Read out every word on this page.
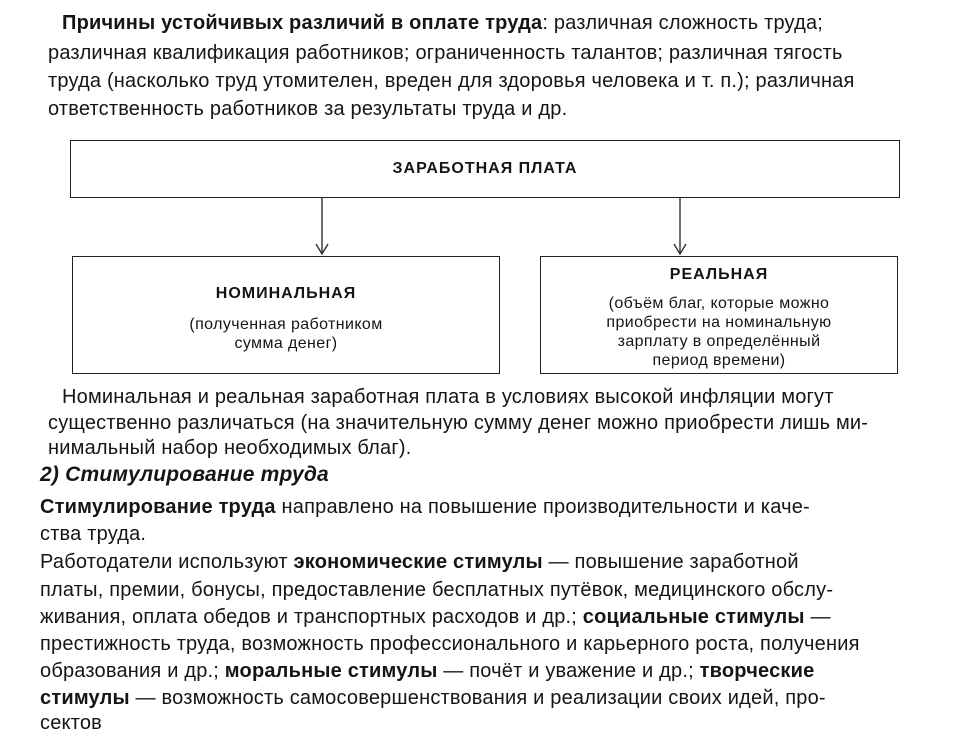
Причины устойчивых различий в оплате труда: различная сложность труда;

различная квалификация работников; ограниченность талантов; различная тягость

труда (насколько труд утомителен, вреден для здоровья человека и т. п.); различная

ответственность работников за результаты труда и др.

ЗАРАБОТНАЯ ПЛАТА
НОМИНАЛЬНАЯ
(полученная работником
сумма денег)
РЕАЛЬНАЯ
(объём благ, которые можно
приобрести на номинальную
зарплату в определённый
период времени)

Номинальная и реальная заработная плата в условиях высокой инфляции могут

существенно различаться (на значительную сумму денег можно приобрести лишь ми-

нимальный набор необходимых благ).

2) Стимулирование труда

Стимулирование труда направлено на повышение производительности и каче-

ства труда.

Работодатели используют экономические стимулы — повышение заработной

платы, премии, бонусы, предоставление бесплатных путёвок, медицинского обслу-

живания, оплата обедов и транспортных расходов и др.; социальные стимулы —

престижность труда, возможность профессионального и карьерного роста, получения

образования и др.; моральные стимулы — почёт и уважение и др.; творческие

стимулы — возможность самосовершенствования и реализации своих идей, про-

сектов
